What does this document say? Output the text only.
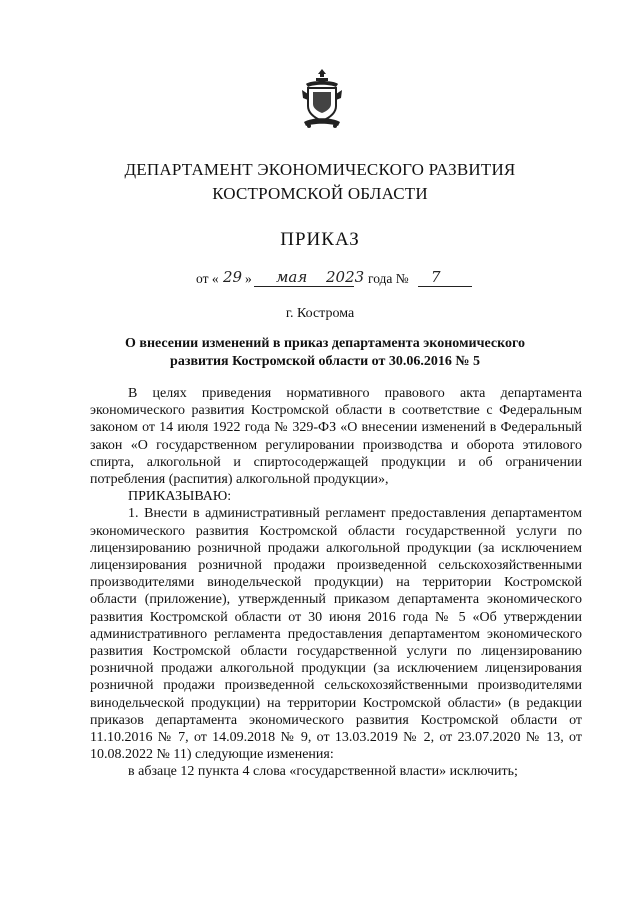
ДЕПАРТАМЕНТ ЭКОНОМИЧЕСКОГО РАЗВИТИЯ
КОСТРОМСКОЙ ОБЛАСТИ
ПРИКАЗ
от « 29 » мая 2023 года № 7
г. Кострома
О внесении изменений в приказ департамента экономического развития Костромской области от 30.06.2016 № 5

В целях приведения нормативного правового акта департамента экономического развития Костромской области в соответствие с Федеральным законом от 14 июля 1922 года № 329-ФЗ «О внесении изменений в Федеральный закон «О государственном регулировании производства и оборота этилового спирта, алкогольной и спиртосодержащей продукции и об ограничении потребления (распития) алкогольной продукции»,

ПРИКАЗЫВАЮ:

1. Внести в административный регламент предоставления департаментом экономического развития Костромской области государственной услуги по лицензированию розничной продажи алкогольной продукции (за исключением лицензирования розничной продажи произведенной сельскохозяйственными производителями винодельческой продукции) на территории Костромской области (приложение), утвержденный приказом департамента экономического развития Костромской области от 30 июня 2016 года № 5 «Об утверждении административного регламента предоставления департаментом экономического развития Костромской области государственной услуги по лицензированию розничной продажи алкогольной продукции (за исключением лицензирования розничной продажи произведенной сельскохозяйственными производителями винодельческой продукции) на территории Костромской области» (в редакции приказов департамента экономического развития Костромской области от 11.10.2016 № 7, от 14.09.2018 № 9, от 13.03.2019 № 2, от 23.07.2020 № 13, от 10.08.2022 № 11) следующие изменения:

в абзаце 12 пункта 4 слова «государственной власти» исключить;
